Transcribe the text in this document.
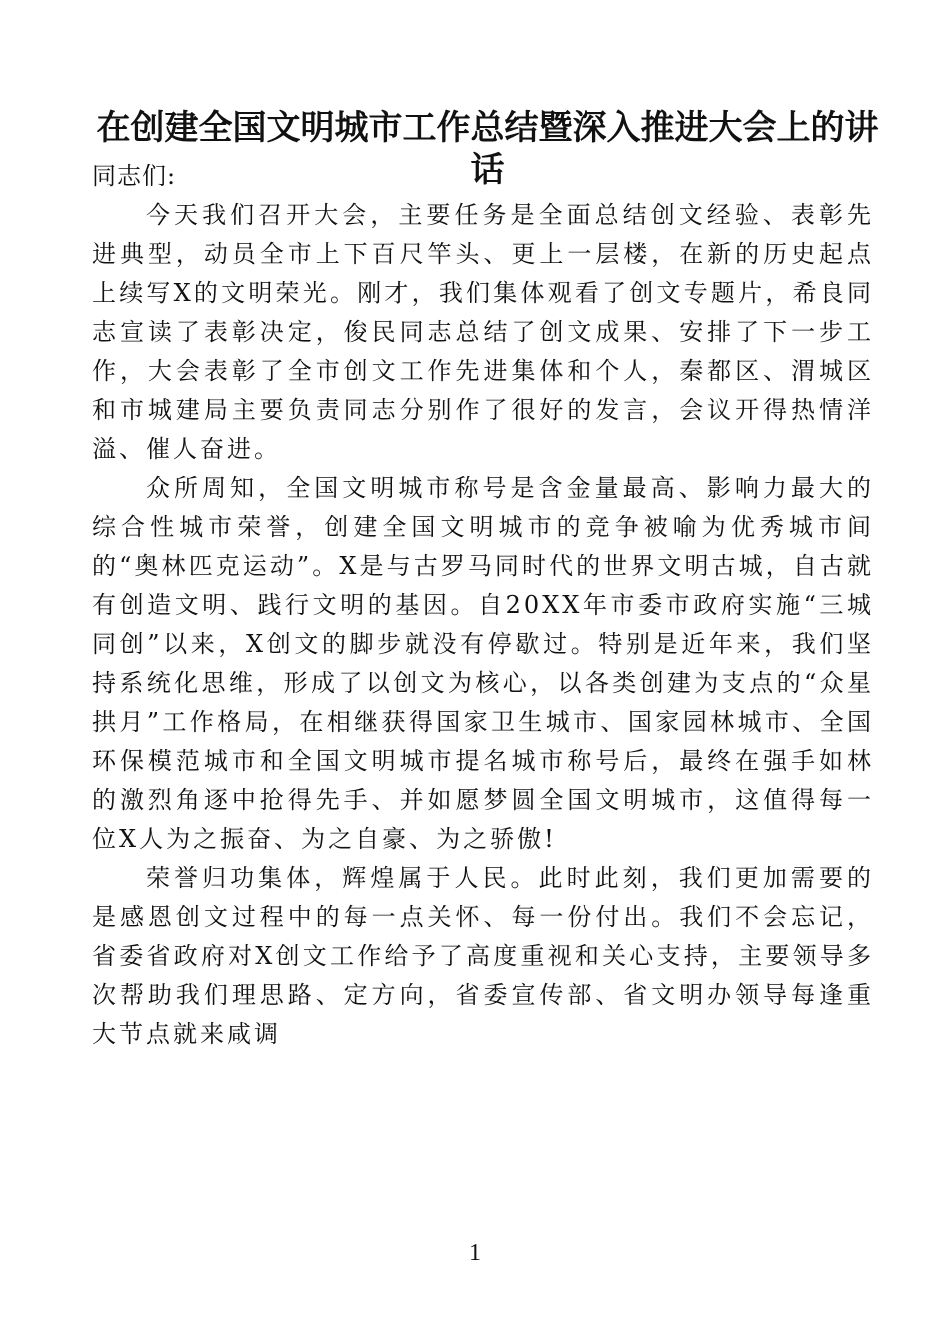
在创建全国文明城市工作总结暨深入推进大会上的讲话

同志们:

今天我们召开大会，主要任务是全面总结创文经验、表彰先进典型，动员全市上下百尺竿头、更上一层楼，在新的历史起点上续写X的文明荣光。刚才，我们集体观看了创文专题片，希良同志宣读了表彰决定，俊民同志总结了创文成果、安排了下一步工作，大会表彰了全市创文工作先进集体和个人，秦都区、渭城区和市城建局主要负责同志分别作了很好的发言，会议开得热情洋溢、催人奋进。

众所周知，全国文明城市称号是含金量最高、影响力最大的综合性城市荣誉，创建全国文明城市的竞争被喻为优秀城市间的“奥林匹克运动”。X是与古罗马同时代的世界文明古城，自古就有创造文明、践行文明的基因。自20XX年市委市政府实施“三城同创”以来，X创文的脚步就没有停歇过。特别是近年来，我们坚持系统化思维，形成了以创文为核心，以各类创建为支点的“众星拱月”工作格局，在相继获得国家卫生城市、国家园林城市、全国环保模范城市和全国文明城市提名城市称号后，最终在强手如林的激烈角逐中抢得先手、并如愿梦圆全国文明城市，这值得每一位X人为之振奋、为之自豪、为之骄傲!

荣誉归功集体，辉煌属于人民。此时此刻，我们更加需要的是感恩创文过程中的每一点关怀、每一份付出。我们不会忘记，省委省政府对X创文工作给予了高度重视和关心支持，主要领导多次帮助我们理思路、定方向，省委宣传部、省文明办领导每逢重大节点就来咸调

1
